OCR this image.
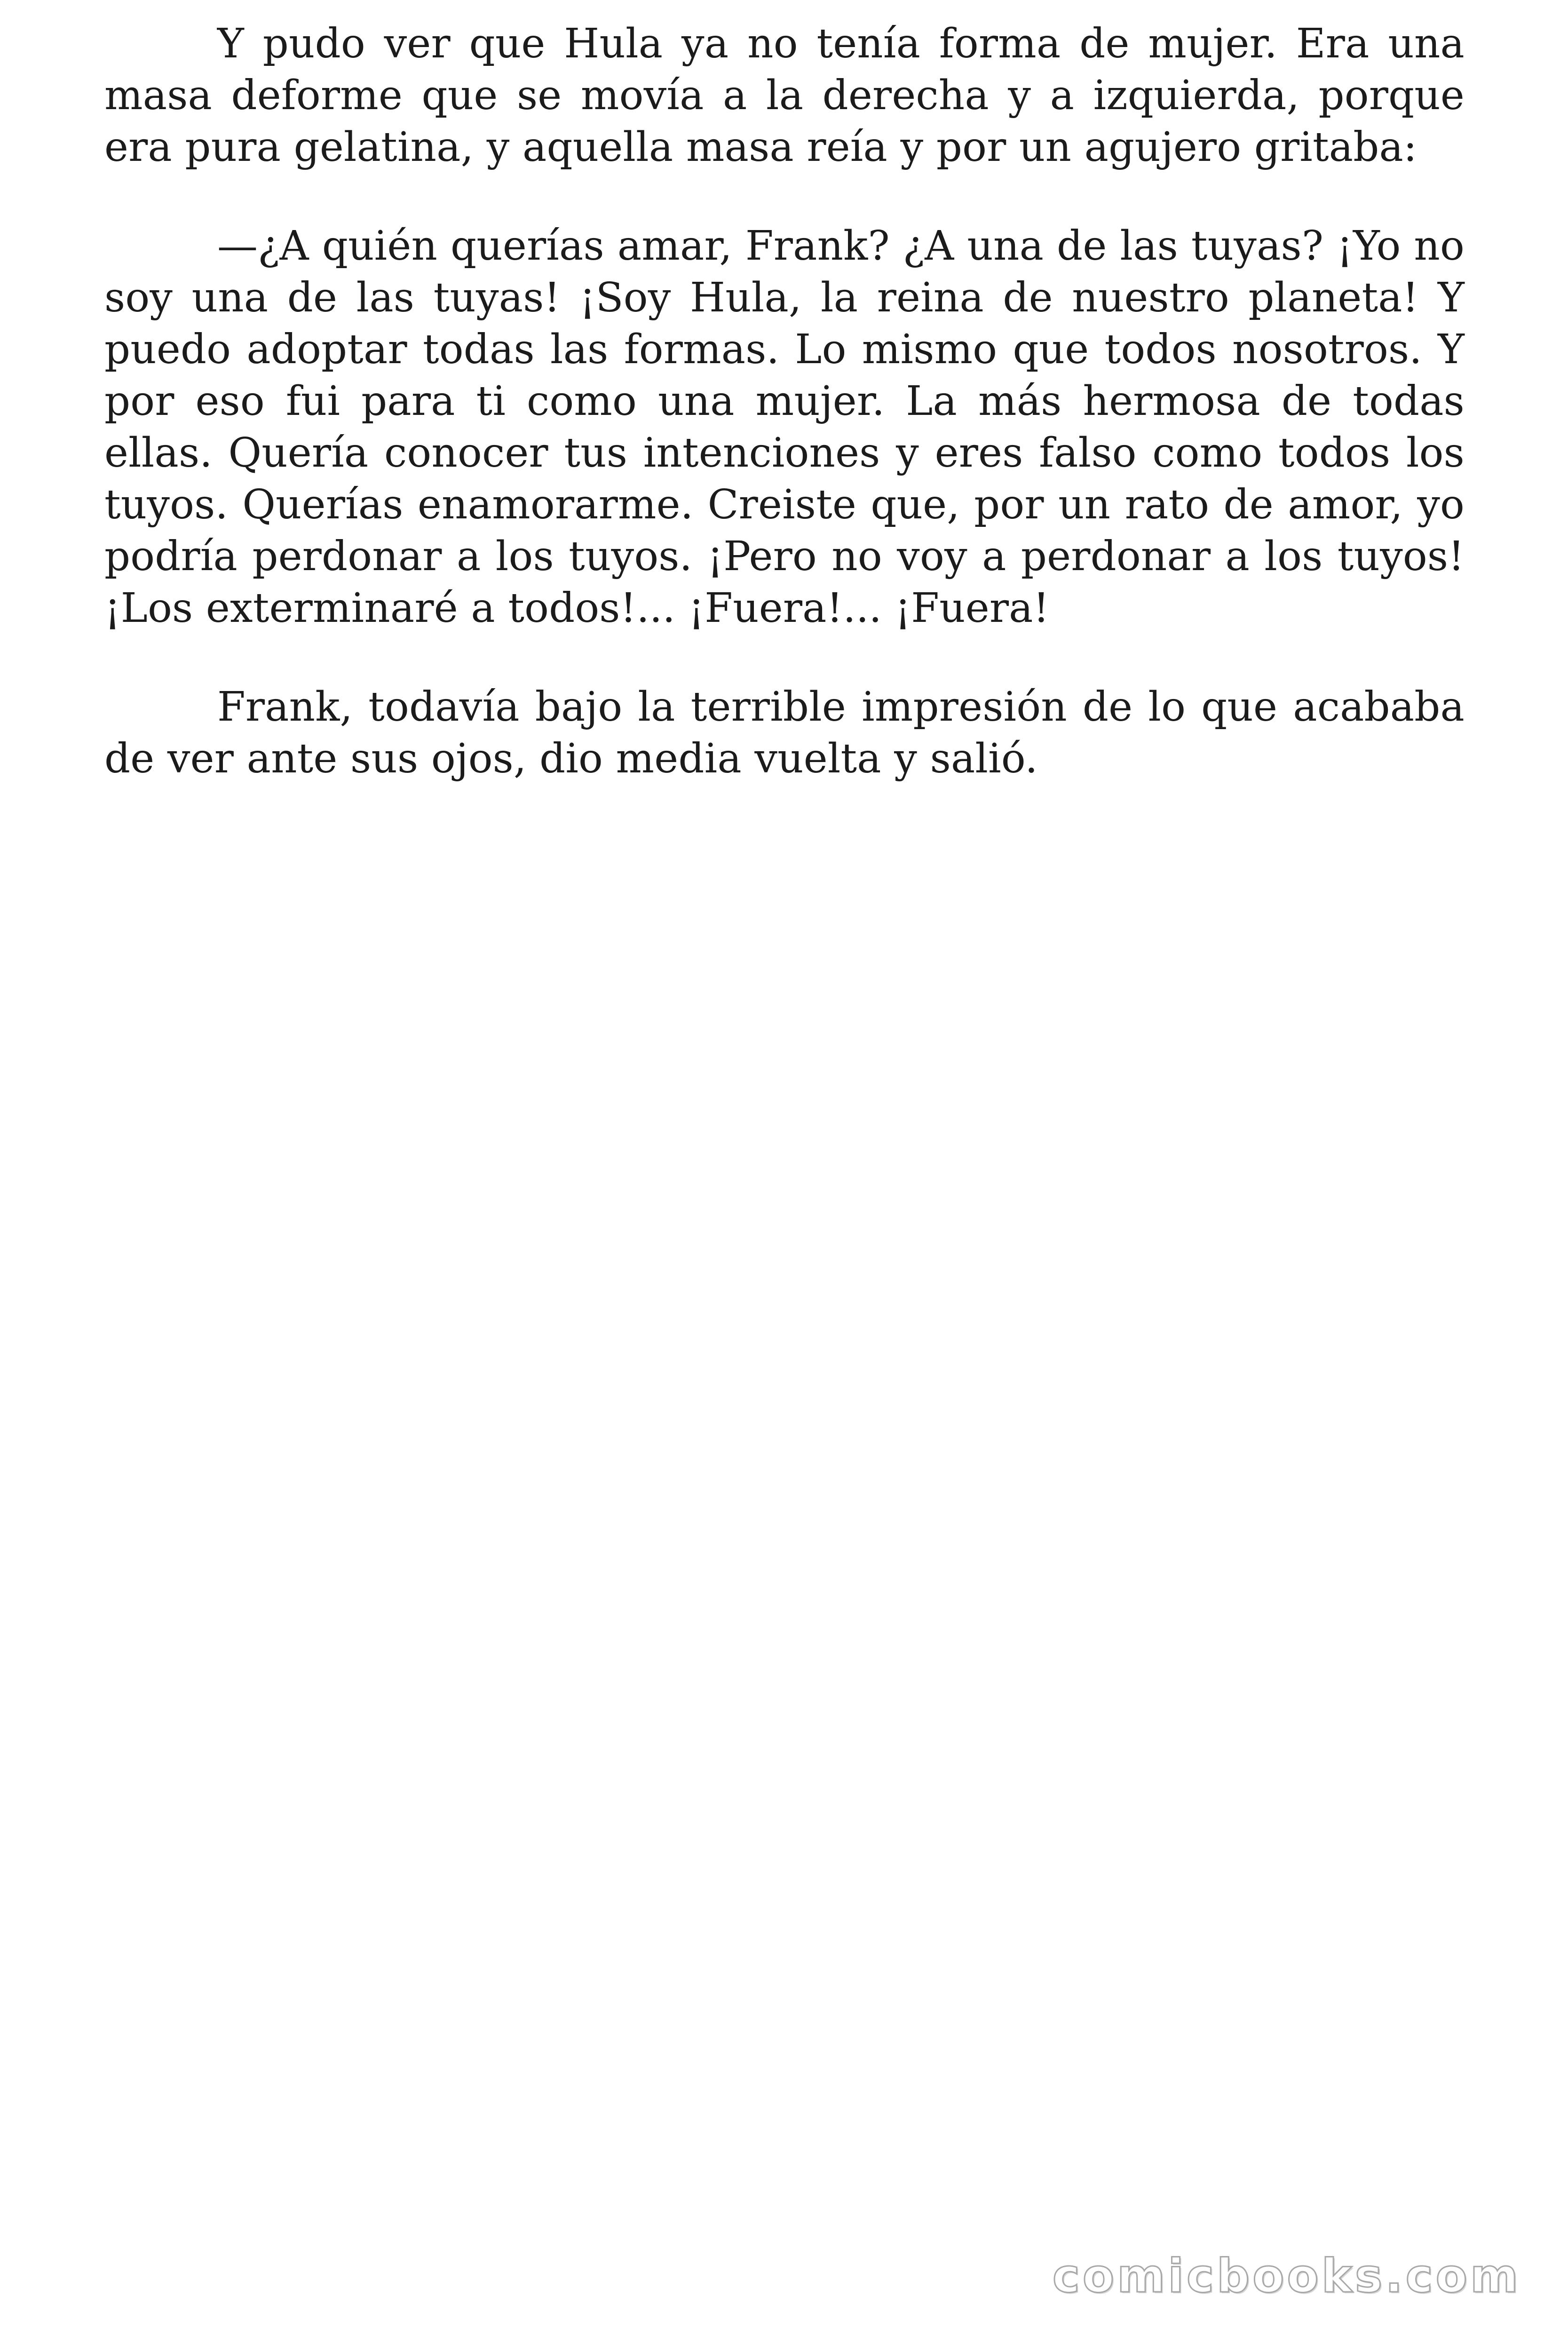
Y pudo ver que Hula ya no tenía forma de mujer. Era una masa deforme que se movía a la derecha y a izquierda, porque era pura gelatina, y aquella masa reía y por un agujero gritaba:

—¿A quién querías amar, Frank? ¿A una de las tuyas? ¡Yo no soy una de las tuyas! ¡Soy Hula, la reina de nuestro planeta! Y puedo adoptar todas las formas. Lo mismo que todos nosotros. Y por eso fui para ti como una mujer. La más hermosa de todas ellas. Quería conocer tus intenciones y eres falso como todos los tuyos. Querías enamorarme. Creiste que, por un rato de amor, yo podría perdonar a los tuyos. ¡Pero no voy a perdonar a los tuyos! ¡Los exterminaré a todos!... ¡Fuera!... ¡Fuera!

Frank, todavía bajo la terrible impresión de lo que acababa de ver ante sus ojos, dio media vuelta y salió.

comicbooks.com
